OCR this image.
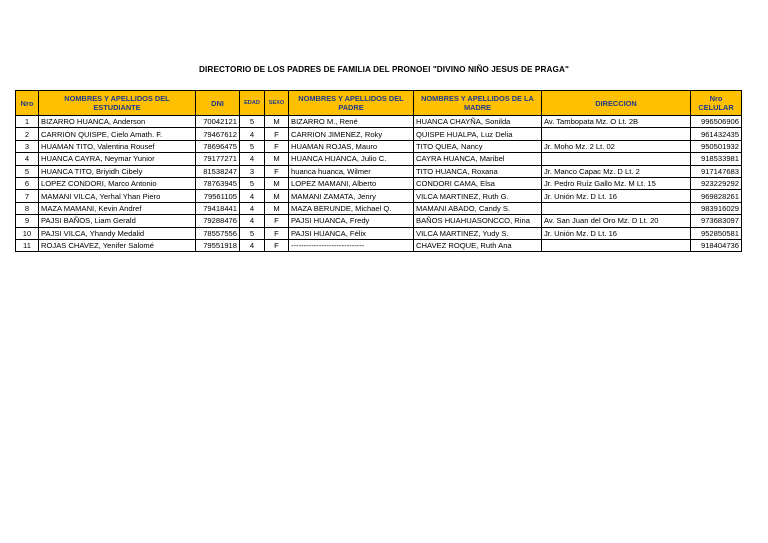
DIRECTORIO DE LOS PADRES DE FAMILIA DEL PRONOEI "DIVINO NIÑO JESUS DE PRAGA"
Nro	NOMBRES Y APELLIDOS DEL ESTUDIANTE	DNI	EDAD	SEXO	NOMBRES Y APELLIDOS DEL PADRE	NOMBRES Y APELLIDOS DE LA MADRE	DIRECCION	Nro CELULAR
1	BIZARRO HUANCA, Anderson	70042121	5	M	BIZARRO M., René	HUANCA CHAYÑA, Sonilda	Av. Tambopata Mz. O Lt. 2B	996506906
2	CARRION QUISPE, Cielo Amath. F.	79467612	4	F	CARRION JIMENEZ, Roky	QUISPE HUALPA, Luz Delia		961432435
3	HUAMAN TITO, Valentina Rousef	78696475	5	F	HUAMAN ROJAS, Mauro	TITO QUEA, Nancy	Jr. Moho Mz. 2 Lt. 02	950501932
4	HUANCA CAYRA, Neymar Yunior	79177271	4	M	HUANCA HUANCA, Julio C.	CAYRA HUANCA, Maribel		918533981
5	HUANCA TITO, Briyidh Cibely	81538247	3	F	huanca huanca, Wilmer	TITO HUANCA, Roxana	Jr. Manco Capac Mz. D Lt. 2	917147683
6	LOPEZ CONDORI, Marco Antonio	78763945	5	M	LOPEZ MAMANI, Alberto	CONDORI CAMA, Elsa	Jr. Pedro Ruíz Gallo Mz. M Lt. 15	923229292
7	MAMANI VILCA, Yerhal Yhan Piero	79561105	4	M	MAMANI ZAMATA, Jenry	VILCA MARTINEZ, Ruth G.	Jr. Unión Mz. D Lt. 16	969828261
8	MAZA MAMANI, Kevin Andref	79418441	4	M	MAZA BERUNDE, Michael Q.	MAMANI ABADO, Candy S.		983916029
9	PAJSI BAÑOS, Liam Gerald	79288476	4	F	PAJSI HUANCA, Fredy	BAÑOS HUAHUASONCCO, Rina	Av. San Juan del Oro Mz. D Lt. 20	973683097
10	PAJSI VILCA, Yhandy Medalid	78557556	5	F	PAJSI HUANCA, Félix	VILCA MARTINEZ, Yudy S.	Jr. Unión Mz. D Lt. 16	952850581
11	ROJAS CHAVEZ, Yenifer Salomé	79551918	4	F	-----------------------------	CHAVEZ ROQUE, Ruth Ana		918404736
